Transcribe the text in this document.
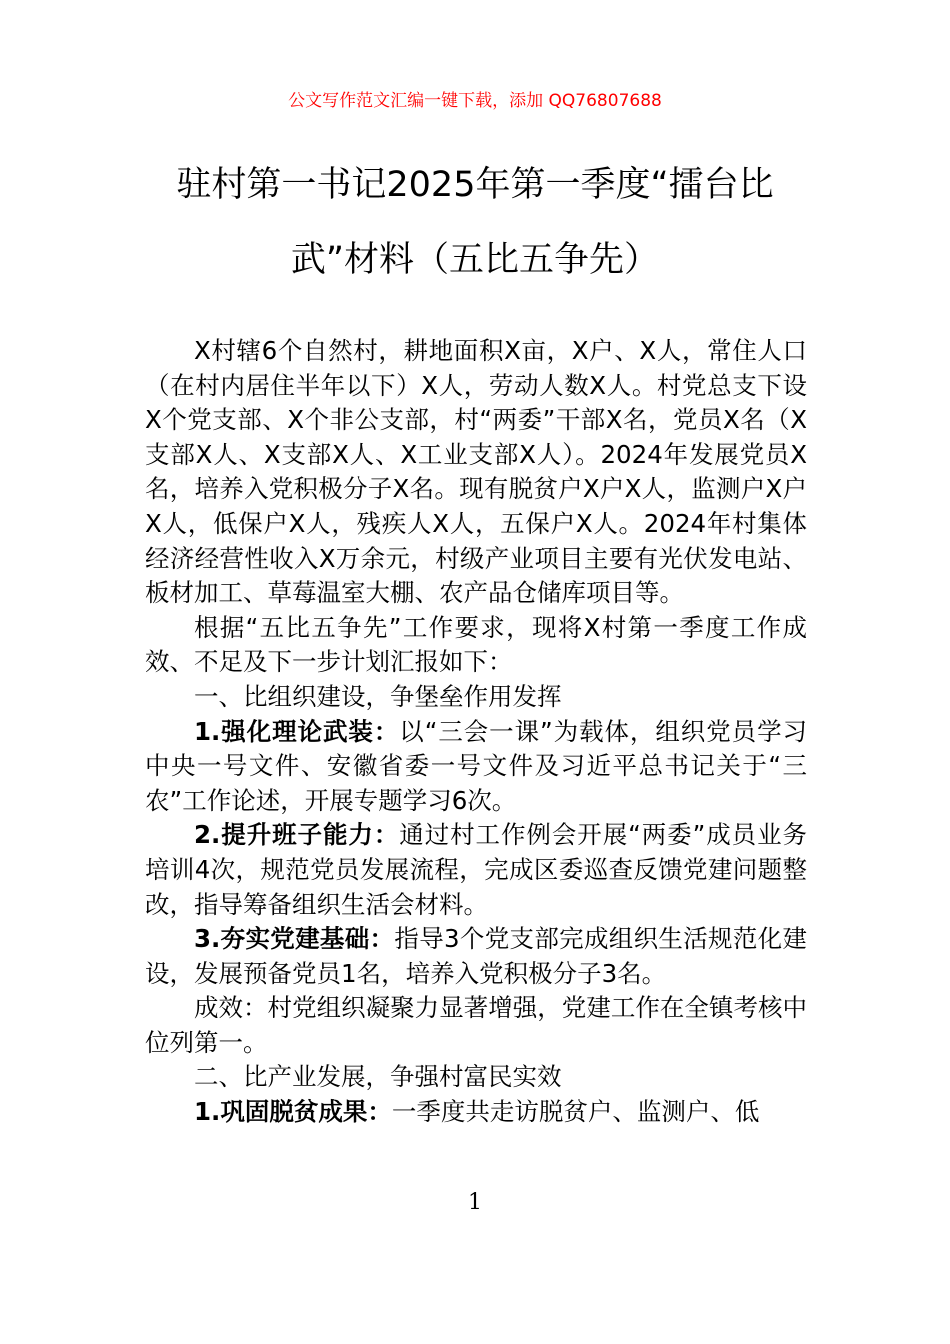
公文写作范文汇编一键下载，添加 QQ76807688
驻村第一书记2025年第一季度“擂台比
武”材料（五比五争先）

X村辖6个自然村，耕地面积X亩，X户、X人，常住人口（在村内居住半年以下）X人，劳动人数X人。村党总支下设X个党支部、X个非公支部，村“两委”干部X名，党员X名（X支部X人、X支部X人、X工业支部X人）。2024年发展党员X名，培养入党积极分子X名。现有脱贫户X户X人，监测户X户X人，低保户X人，残疾人X人，五保户X人。2024年村集体经济经营性收入X万余元，村级产业项目主要有光伏发电站、板材加工、草莓温室大棚、农产品仓储库项目等。

根据“五比五争先”工作要求，现将X村第一季度工作成效、不足及下一步计划汇报如下：

一、比组织建设，争堡垒作用发挥

1.强化理论武装：以“三会一课”为载体，组织党员学习中央一号文件、安徽省委一号文件及习近平总书记关于“三农”工作论述，开展专题学习6次。

2.提升班子能力：通过村工作例会开展“两委”成员业务培训4次，规范党员发展流程，完成区委巡查反馈党建问题整改，指导筹备组织生活会材料。

3.夯实党建基础：指导3个党支部完成组织生活规范化建设，发展预备党员1名，培养入党积极分子3名。

成效：村党组织凝聚力显著增强，党建工作在全镇考核中位列第一。

二、比产业发展，争强村富民实效

1.巩固脱贫成果：一季度共走访脱贫户、监测户、低

1
